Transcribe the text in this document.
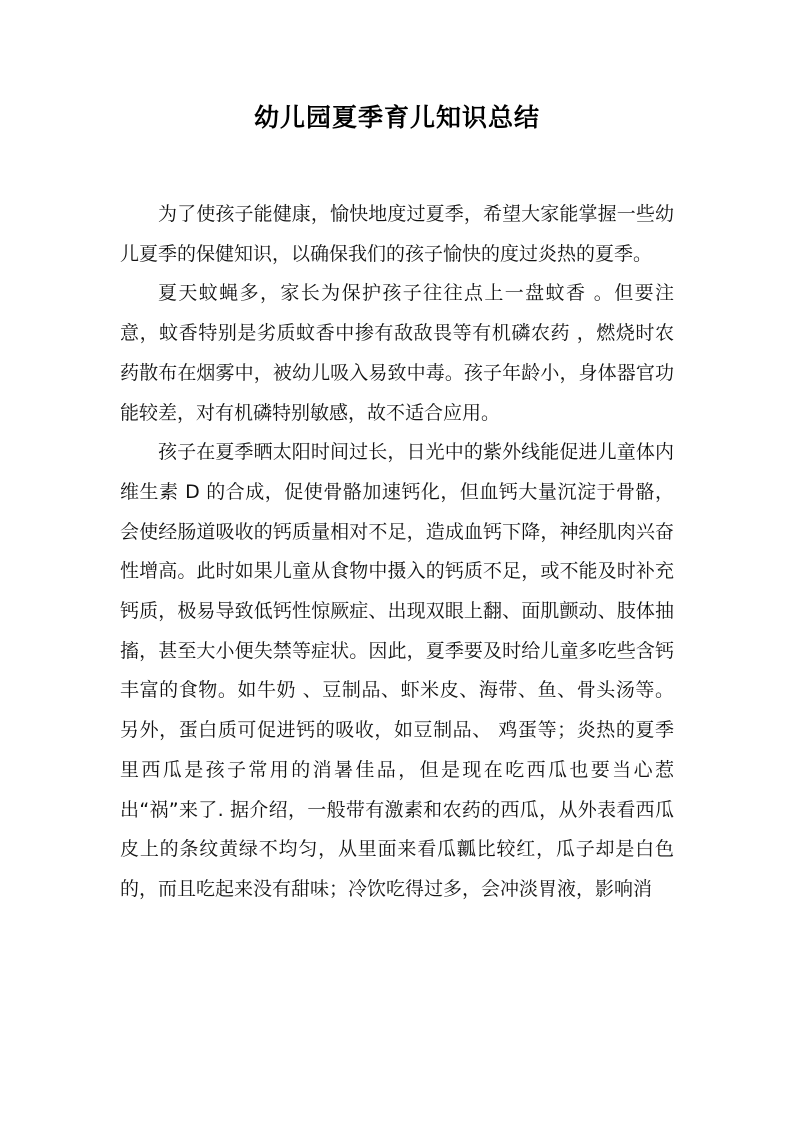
幼儿园夏季育儿知识总结

为了使孩子能健康，愉快地度过夏季，希望大家能掌握一些幼儿夏季的保健知识，以确保我们的孩子愉快的度过炎热的夏季。

夏天蚊蝇多，家长为保护孩子往往点上一盘蚊香 。但要注意，蚊香特别是劣质蚊香中掺有敌敌畏等有机磷农药 ，燃烧时农药散布在烟雾中，被幼儿吸入易致中毒。孩子年龄小，身体器官功能较差，对有机磷特别敏感，故不适合应用。

孩子在夏季晒太阳时间过长，日光中的紫外线能促进儿童体内维生素 D 的合成，促使骨骼加速钙化，但血钙大量沉淀于骨骼，会使经肠道吸收的钙质量相对不足，造成血钙下降，神经肌肉兴奋性增高。此时如果儿童从食物中摄入的钙质不足，或不能及时补充钙质，极易导致低钙性惊厥症、出现双眼上翻、面肌颤动、肢体抽搐，甚至大小便失禁等症状。因此，夏季要及时给儿童多吃些含钙丰富的食物。如牛奶 、豆制品、虾米皮、海带、鱼、骨头汤等。另外，蛋白质可促进钙的吸收，如豆制品、 鸡蛋等；炎热的夏季里西瓜是孩子常用的消暑佳品，但是现在吃西瓜也要当心惹出“祸”来了. 据介绍，一般带有激素和农药的西瓜，从外表看西瓜皮上的条纹黄绿不均匀，从里面来看瓜瓤比较红，瓜子却是白色的，而且吃起来没有甜味；冷饮吃得过多，会冲淡胃液，影响消
